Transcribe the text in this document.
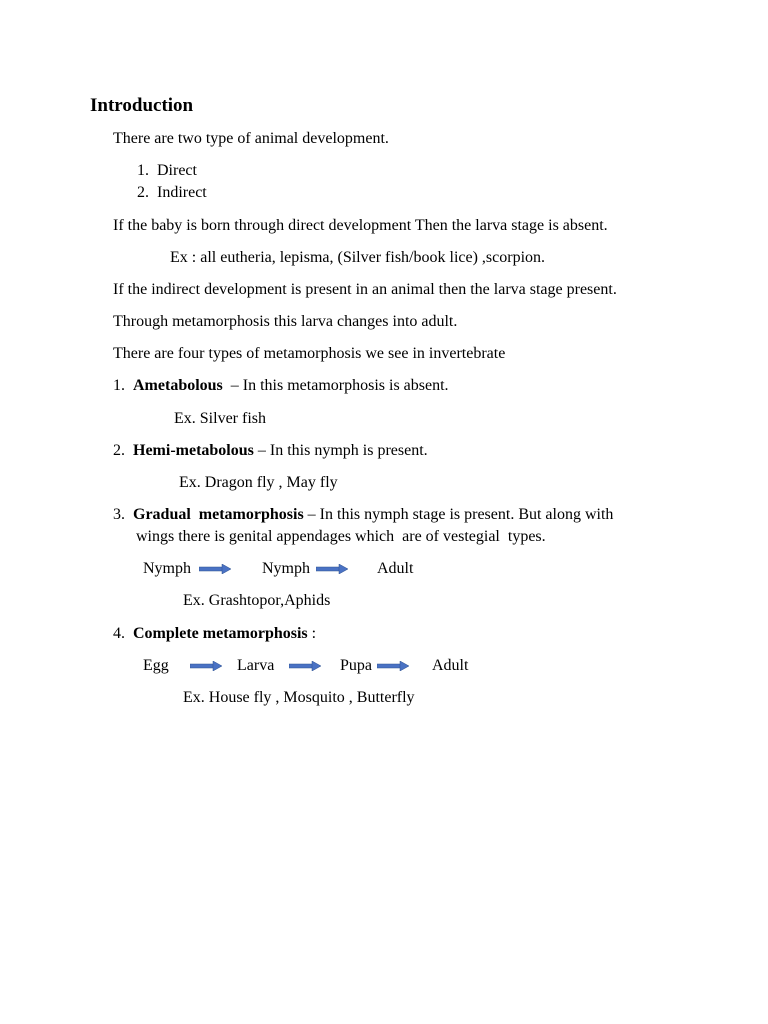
Introduction
There are two type of animal development.
1. Direct
2. Indirect
If the baby is born through direct development Then the larva stage is absent.
Ex : all eutheria, lepisma, (Silver fish/book lice) ,scorpion.
If the indirect development is present in an animal then the larva stage present.
Through metamorphosis this larva changes into adult.
There are four types of metamorphosis we see in invertebrate
1. Ametabolous  – In this metamorphosis is absent.
Ex. Silver fish
2. Hemi-metabolous – In this nymph is present.
Ex. Dragon fly , May fly
3. Gradual  metamorphosis – In this nymph stage is present. But along with
wings there is genital appendages which  are of vestegial  types.
Nymph	Nymph	Adult
Ex. Grashtopor,Aphids
4. Complete metamorphosis :
Egg	Larva	Pupa	Adult
Ex. House fly , Mosquito , Butterfly
